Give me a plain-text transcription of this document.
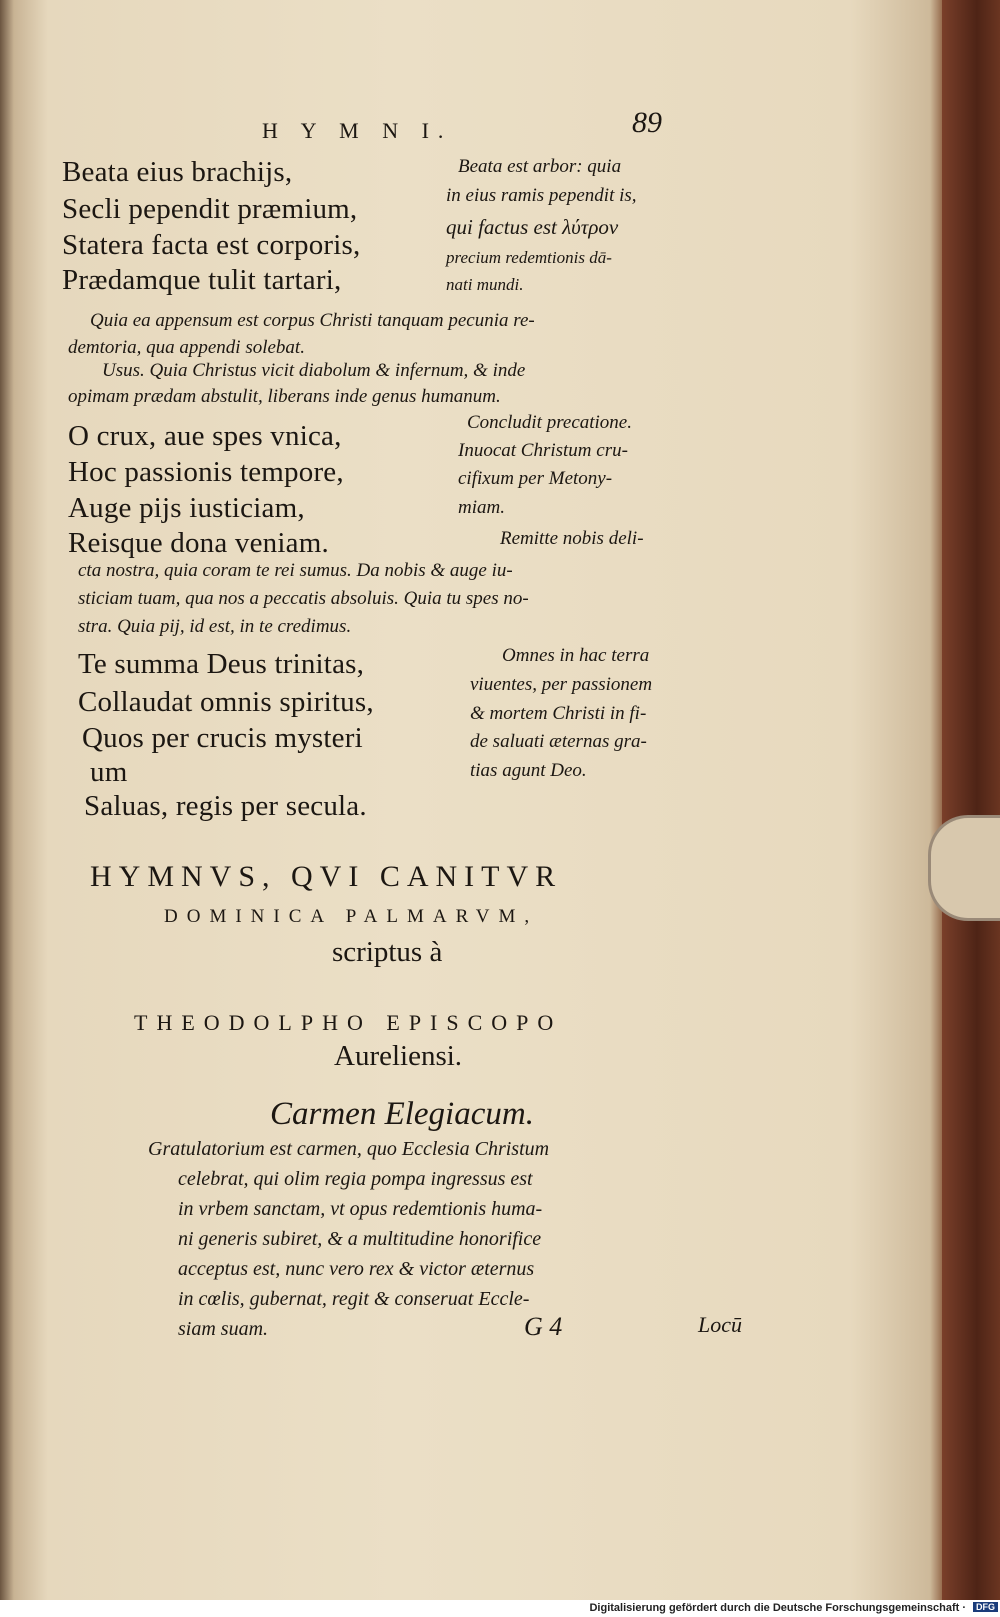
H Y M N I.	89
Beata eius brachijs,
Secli pependit præmium,
Statera facta est corporis,
Prædamque tulit tartari,
Beata est arbor: quia
in eius ramis pependit is,
qui factus est λύτρον
precium redemtionis dā-
nati mundi.
Quia ea appensum est corpus Christi tanquam pecunia re-
demtoria, qua appendi solebat.
Usus. Quia Christus vicit diabolum & infernum, & inde
opimam prædam abstulit, liberans inde genus humanum.
O crux, aue spes vnica,
Hoc passionis tempore,
Auge pijs iusticiam,
Reisque dona veniam.
Concludit precatione.
Inuocat Christum cru-
cifixum per Metony-
miam.
Remitte nobis deli-
cta nostra, quia coram te rei sumus. Da nobis & auge iu-
sticiam tuam, qua nos a peccatis absoluis. Quia tu spes no-
stra. Quia pij, id est, in te credimus.
Te summa Deus trinitas,
Collaudat omnis spiritus,
Quos per crucis mysteri
um
Saluas, regis per secula.
Omnes in hac terra
viuentes, per passionem
& mortem Christi in fi-
de saluati æternas gra-
tias agunt Deo.
HYMNVS, QVI CANITVR
DOMINICA PALMARVM,
scriptus à
THEODOLPHO EPISCOPO
Aureliensi.
Carmen Elegiacum.
Gratulatorium est carmen, quo Ecclesia Christum
celebrat, qui olim regia pompa ingressus est
in vrbem sanctam, vt opus redemtionis huma-
ni generis subiret, & a multitudine honorifice
acceptus est, nunc vero rex & victor æternus
in cœlis, gubernat, regit & conseruat Eccle-
siam suam.	G 4	Locū
Digitalisierung gefördert durch die Deutsche Forschungsgemeinschaft ·	DFG
